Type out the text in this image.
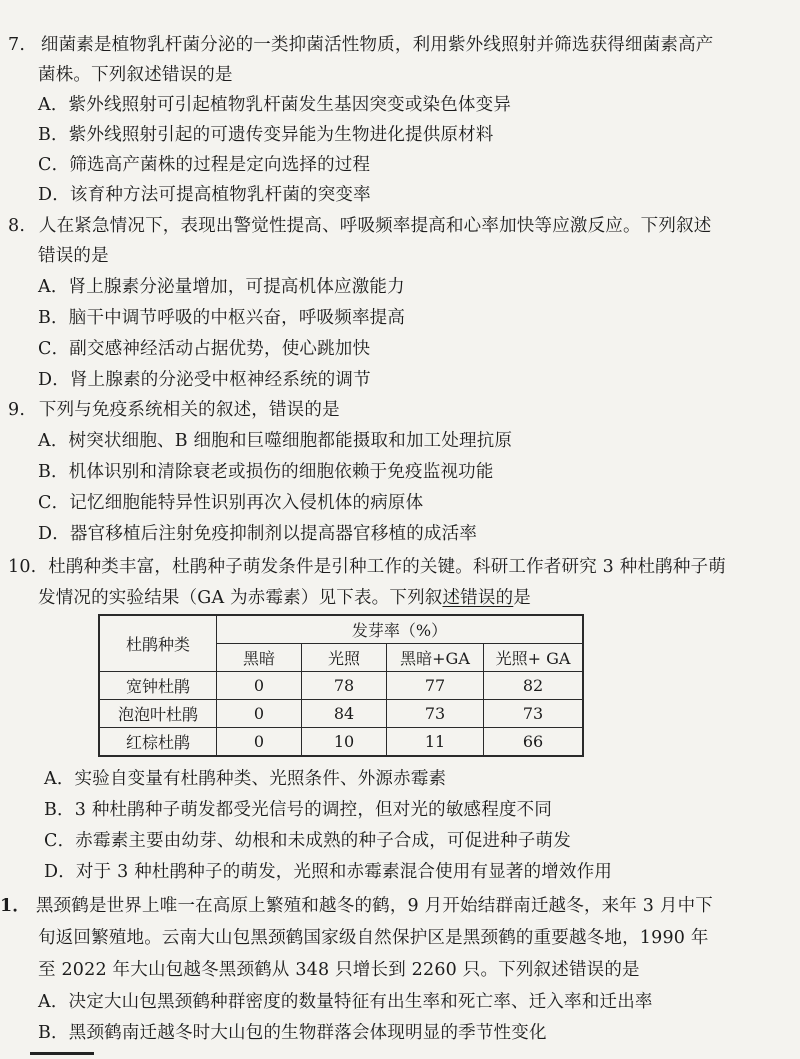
7. 细菌素是植物乳杆菌分泌的一类抑菌活性物质，利用紫外线照射并筛选获得细菌素高产
菌株。下列叙述错误的是
A．紫外线照射可引起植物乳杆菌发生基因突变或染色体变异
B．紫外线照射引起的可遗传变异能为生物进化提供原材料
C．筛选高产菌株的过程是定向选择的过程
D．该育种方法可提高植物乳杆菌的突变率
8. 人在紧急情况下，表现出警觉性提高、呼吸频率提高和心率加快等应激反应。下列叙述
错误的是
A．肾上腺素分泌量增加，可提高机体应激能力
B．脑干中调节呼吸的中枢兴奋，呼吸频率提高
C．副交感神经活动占据优势，使心跳加快
D．肾上腺素的分泌受中枢神经系统的调节
9. 下列与免疫系统相关的叙述，错误的是
A．树突状细胞、B 细胞和巨噬细胞都能摄取和加工处理抗原
B．机体识别和清除衰老或损伤的细胞依赖于免疫监视功能
C．记忆细胞能特异性识别再次入侵机体的病原体
D．器官移植后注射免疫抑制剂以提高器官移植的成活率
10. 杜鹃种类丰富，杜鹃种子萌发条件是引种工作的关键。科研工作者研究 3 种杜鹃种子萌
发情况的实验结果（GA 为赤霉素）见下表。下列叙述错误的是
杜鹃种类	发芽率（%）			
	黑暗	光照	黑暗+GA	光照+ GA
宽钟杜鹃	0	78	77	82
泡泡叶杜鹃	0	84	73	73
红棕杜鹃	0	10	11	66
A．实验自变量有杜鹃种类、光照条件、外源赤霉素
B．3 种杜鹃种子萌发都受光信号的调控，但对光的敏感程度不同
C．赤霉素主要由幼芽、幼根和未成熟的种子合成，可促进种子萌发
D．对于 3 种杜鹃种子的萌发，光照和赤霉素混合使用有显著的增效作用
1． 黑颈鹤是世界上唯一在高原上繁殖和越冬的鹤，9 月开始结群南迁越冬，来年 3 月中下
旬返回繁殖地。云南大山包黑颈鹤国家级自然保护区是黑颈鹤的重要越冬地，1990 年
至 2022 年大山包越冬黑颈鹤从 348 只增长到 2260 只。下列叙述错误的是
A．决定大山包黑颈鹤种群密度的数量特征有出生率和死亡率、迁入率和迁出率
B．黑颈鹤南迁越冬时大山包的生物群落会体现明显的季节性变化
